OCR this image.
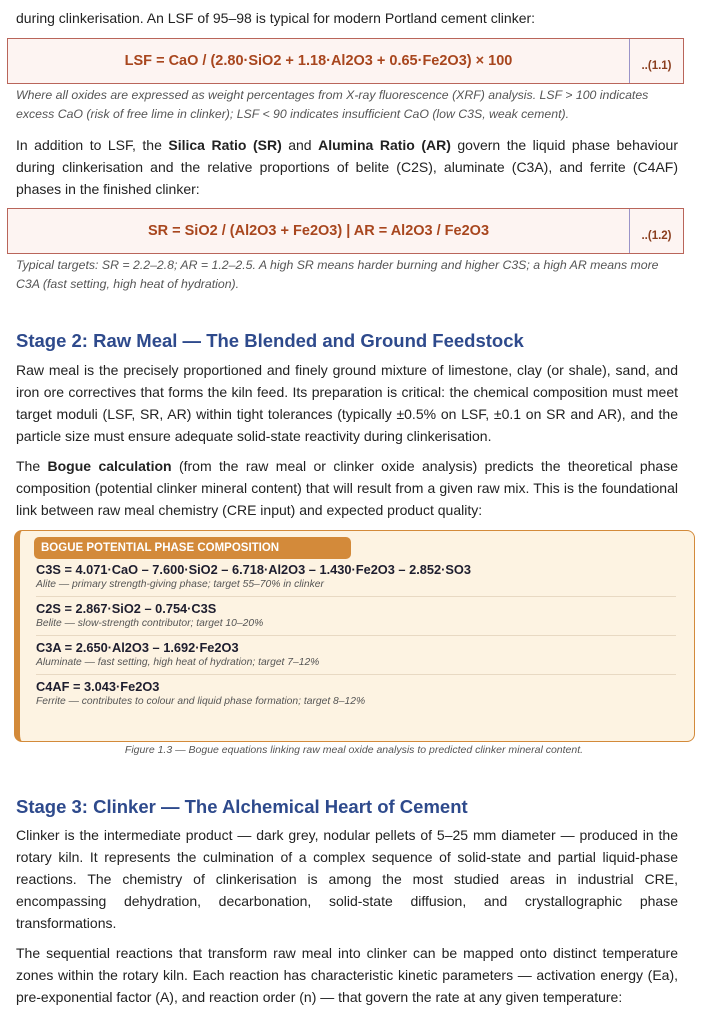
during clinkerisation. An LSF of 95–98 is typical for modern Portland cement clinker:

LSF = CaO / (2.80·SiO2 + 1.18·Al2O3 + 0.65·Fe2O3) × 100	..(1.1)

Where all oxides are expressed as weight percentages from X-ray fluorescence (XRF) analysis. LSF > 100 indicates excess CaO (risk of free lime in clinker); LSF < 90 indicates insufficient CaO (low C3S, weak cement).

In addition to LSF, the Silica Ratio (SR) and Alumina Ratio (AR) govern the liquid phase behaviour during clinkerisation and the relative proportions of belite (C2S), aluminate (C3A), and ferrite (C4AF) phases in the finished clinker:

SR = SiO2 / (Al2O3 + Fe2O3) | AR = Al2O3 / Fe2O3	..(1.2)

Typical targets: SR = 2.2–2.8; AR = 1.2–2.5. A high SR means harder burning and higher C3S; a high AR means more C3A (fast setting, high heat of hydration).

Stage 2: Raw Meal — The Blended and Ground Feedstock

Raw meal is the precisely proportioned and finely ground mixture of limestone, clay (or shale), sand, and iron ore correctives that forms the kiln feed. Its preparation is critical: the chemical composition must meet target moduli (LSF, SR, AR) within tight tolerances (typically ±0.5% on LSF, ±0.1 on SR and AR), and the particle size must ensure adequate solid-state reactivity during clinkerisation.

The Bogue calculation (from the raw meal or clinker oxide analysis) predicts the theoretical phase composition (potential clinker mineral content) that will result from a given raw mix. This is the foundational link between raw meal chemistry (CRE input) and expected product quality:

BOGUE POTENTIAL PHASE COMPOSITION
C3S = 4.071·CaO – 7.600·SiO2 – 6.718·Al2O3 – 1.430·Fe2O3 – 2.852·SO3
Alite — primary strength-giving phase; target 55–70% in clinker
C2S = 2.867·SiO2 – 0.754·C3S
Belite — slow-strength contributor; target 10–20%
C3A = 2.650·Al2O3 – 1.692·Fe2O3
Aluminate — fast setting, high heat of hydration; target 7–12%
C4AF = 3.043·Fe2O3
Ferrite — contributes to colour and liquid phase formation; target 8–12%
Figure 1.3 — Bogue equations linking raw meal oxide analysis to predicted clinker mineral content.
Stage 3: Clinker — The Alchemical Heart of Cement

Clinker is the intermediate product — dark grey, nodular pellets of 5–25 mm diameter — produced in the rotary kiln. It represents the culmination of a complex sequence of solid-state and partial liquid-phase reactions. The chemistry of clinkerisation is among the most studied areas in industrial CRE, encompassing dehydration, decarbonation, solid-state diffusion, and crystallographic phase transformations.

The sequential reactions that transform raw meal into clinker can be mapped onto distinct temperature zones within the rotary kiln. Each reaction has characteristic kinetic parameters — activation energy (Ea), pre-exponential factor (A), and reaction order (n) — that govern the rate at any given temperature:
